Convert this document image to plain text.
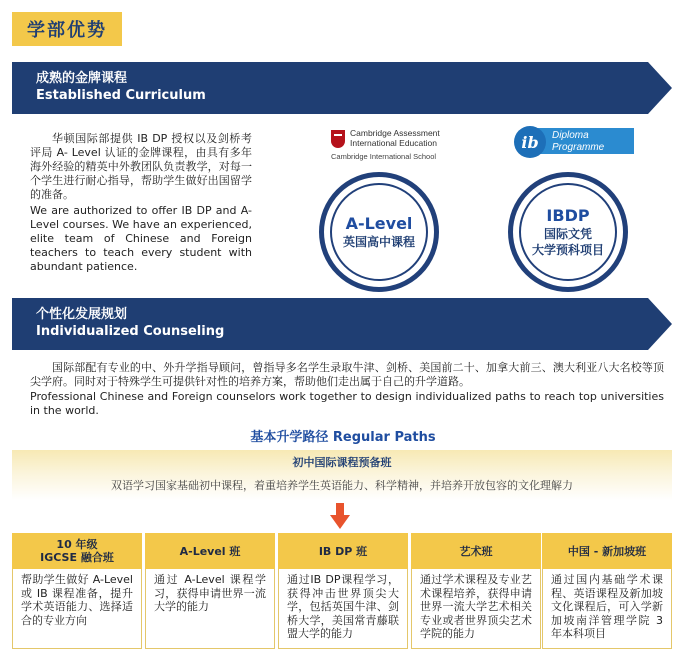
学部优势
成熟的金牌课程
Established Curriculum
华顿国际部提供 IB DP 授权以及剑桥考评局 A- Level 认证的金牌课程，由具有多年海外经验的精英中外教团队负责教学，对每一个学生进行耐心指导，帮助学生做好出国留学的准备。
We are authorized to offer IB DP and A-Level courses. We have an experienced, elite team of Chinese and Foreign teachers to teach every student with abundant patience.
Cambridge Assessment
International Education
Cambridge International School
Diploma
Programme
ib
A-Level
英国高中课程
IBDP
国际文凭
大学预科项目
个性化发展规划
Individualized Counseling
国际部配有专业的中、外升学指导顾问，曾指导多名学生录取牛津、剑桥、美国前二十、加拿大前三、澳大利亚八大名校等顶尖学府。同时对于特殊学生可提供针对性的培养方案，帮助他们走出属于自己的升学道路。
Professional Chinese and Foreign counselors work together to design individualized paths to reach top universities in the world.
基本升学路径 Regular Paths
初中国际课程预备班
双语学习国家基础初中课程，着重培养学生英语能力、科学精神，并培养开放包容的文化理解力
10 年级
IGCSE 融合班
帮助学生做好 A-Level 或 IB 课程准备，提升学术英语能力、选择适合的专业方向
A-Level 班
通过 A-Level 课程学习，获得申请世界一流大学的能力
IB DP 班
通过IB DP课程学习，获得冲击世界顶尖大学，包括英国牛津、剑桥大学，美国常青藤联盟大学的能力
艺术班
通过学术课程及专业艺术课程培养，获得申请世界一流大学艺术相关专业或者世界顶尖艺术学院的能力
中国 - 新加坡班
通过国内基础学术课程、英语课程及新加坡文化课程后，可入学新加坡南洋管理学院 3 年本科项目
